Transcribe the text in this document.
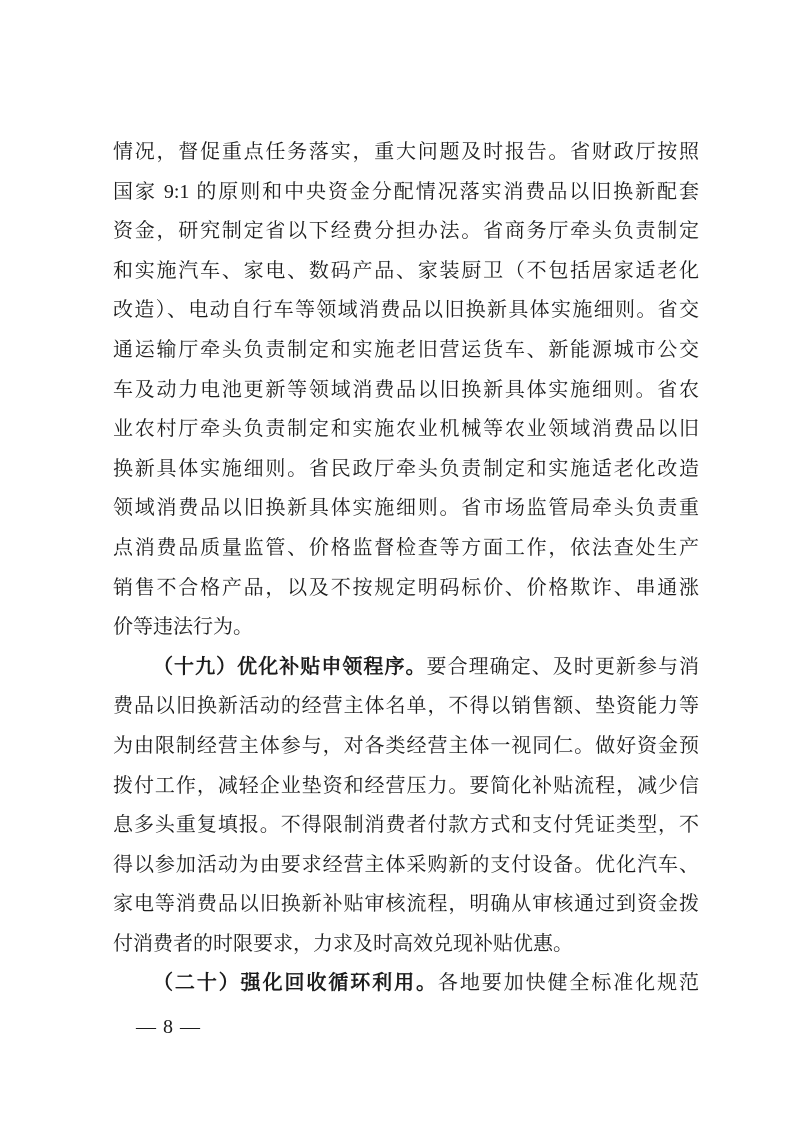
情况，督促重点任务落实，重大问题及时报告。省财政厅按照
国家 9:1 的原则和中央资金分配情况落实消费品以旧换新配套
资金，研究制定省以下经费分担办法。省商务厅牵头负责制定
和实施汽车、家电、数码产品、家装厨卫（不包括居家适老化
改造）、电动自行车等领域消费品以旧换新具体实施细则。省交
通运输厅牵头负责制定和实施老旧营运货车、新能源城市公交
车及动力电池更新等领域消费品以旧换新具体实施细则。省农
业农村厅牵头负责制定和实施农业机械等农业领域消费品以旧
换新具体实施细则。省民政厅牵头负责制定和实施适老化改造
领域消费品以旧换新具体实施细则。省市场监管局牵头负责重
点消费品质量监管、价格监督检查等方面工作，依法查处生产
销售不合格产品，以及不按规定明码标价、价格欺诈、串通涨
价等违法行为。
（十九）优化补贴申领程序。要合理确定、及时更新参与消
费品以旧换新活动的经营主体名单，不得以销售额、垫资能力等
为由限制经营主体参与，对各类经营主体一视同仁。做好资金预
拨付工作，减轻企业垫资和经营压力。要简化补贴流程，减少信
息多头重复填报。不得限制消费者付款方式和支付凭证类型，不
得以参加活动为由要求经营主体采购新的支付设备。优化汽车、
家电等消费品以旧换新补贴审核流程，明确从审核通过到资金拨
付消费者的时限要求，力求及时高效兑现补贴优惠。
（二十）强化回收循环利用。各地要加快健全标准化规范
— 8 —
